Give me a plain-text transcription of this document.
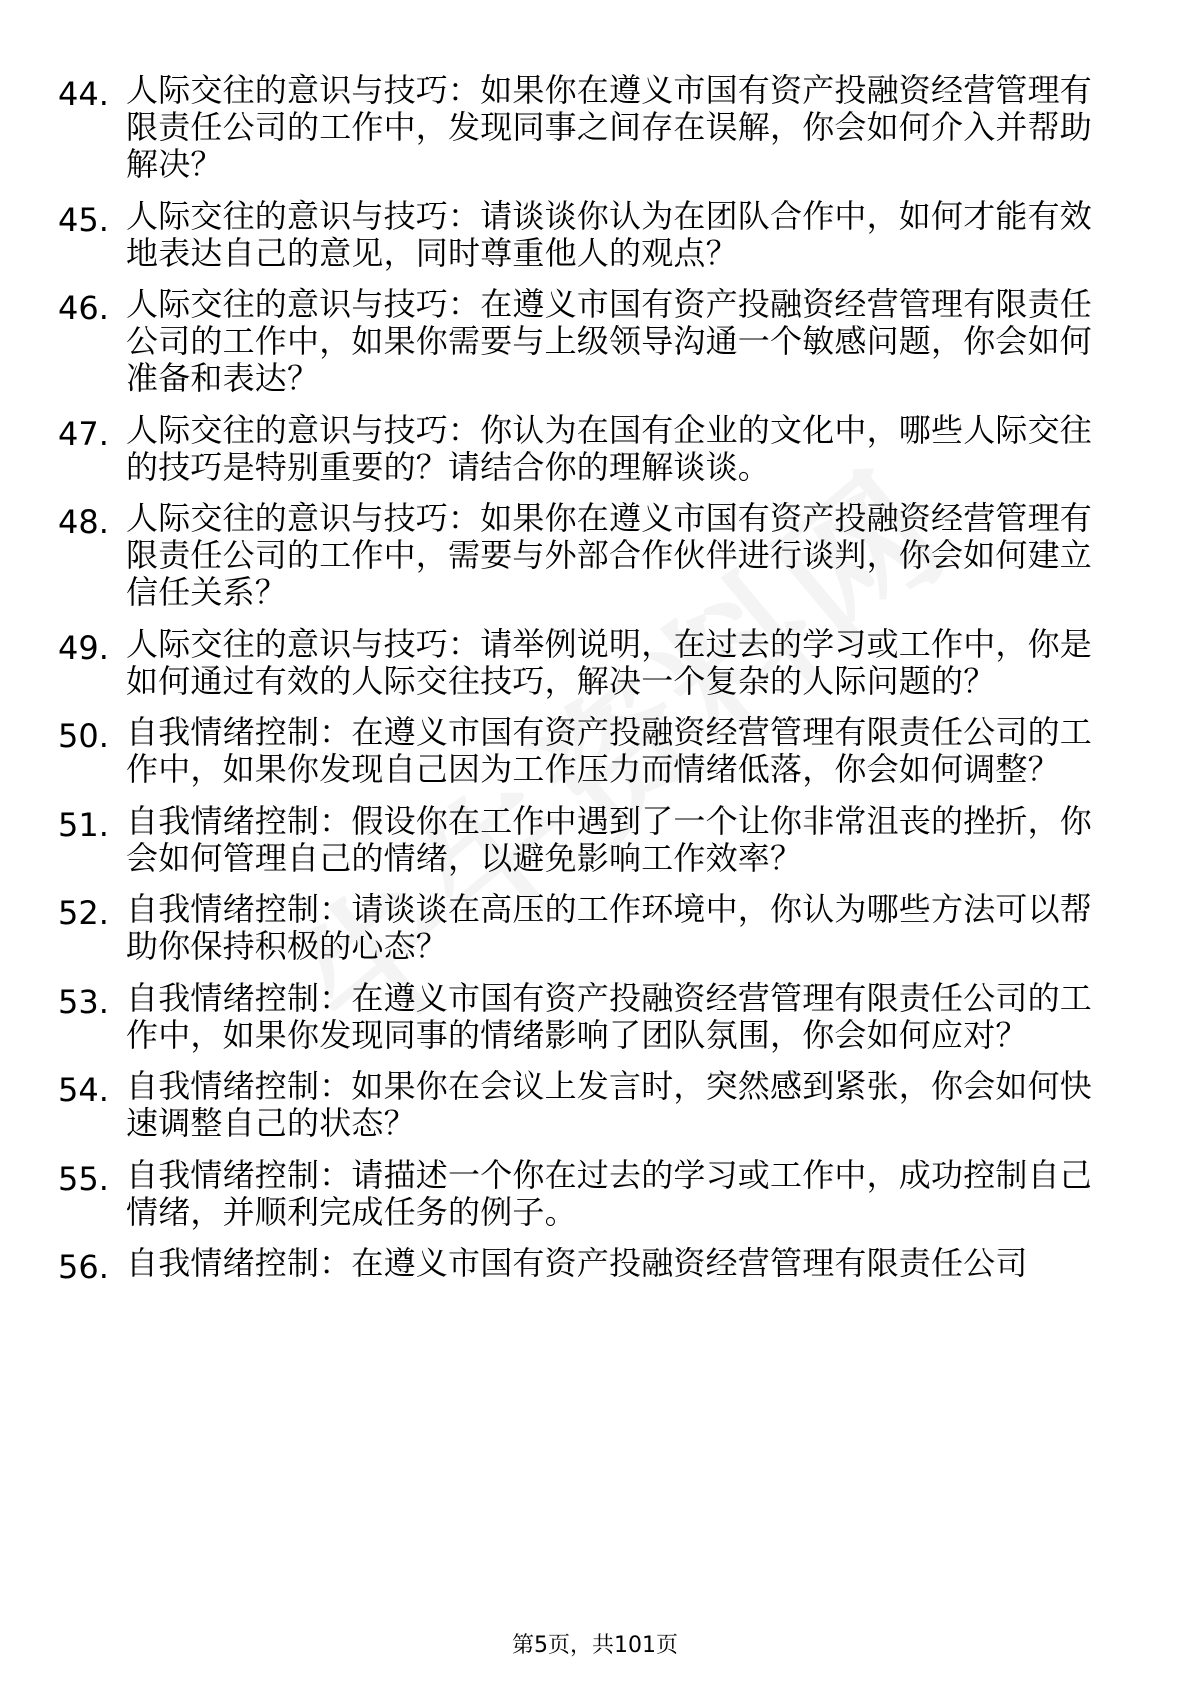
44. 人际交往的意识与技巧：如果你在遵义市国有资产投融资经营管理有限责任公司的工作中，发现同事之间存在误解，你会如何介入并帮助解决？
45. 人际交往的意识与技巧：请谈谈你认为在团队合作中，如何才能有效地表达自己的意见，同时尊重他人的观点？
46. 人际交往的意识与技巧：在遵义市国有资产投融资经营管理有限责任公司的工作中，如果你需要与上级领导沟通一个敏感问题，你会如何准备和表达？
47. 人际交往的意识与技巧：你认为在国有企业的文化中，哪些人际交往的技巧是特别重要的？请结合你的理解谈谈。
48. 人际交往的意识与技巧：如果你在遵义市国有资产投融资经营管理有限责任公司的工作中，需要与外部合作伙伴进行谈判，你会如何建立信任关系？
49. 人际交往的意识与技巧：请举例说明，在过去的学习或工作中，你是如何通过有效的人际交往技巧，解决一个复杂的人际问题的？
50. 自我情绪控制：在遵义市国有资产投融资经营管理有限责任公司的工作中，如果你发现自己因为工作压力而情绪低落，你会如何调整？
51. 自我情绪控制：假设你在工作中遇到了一个让你非常沮丧的挫折，你会如何管理自己的情绪，以避免影响工作效率？
52. 自我情绪控制：请谈谈在高压的工作环境中，你认为哪些方法可以帮助你保持积极的心态？
53. 自我情绪控制：在遵义市国有资产投融资经营管理有限责任公司的工作中，如果你发现同事的情绪影响了团队氛围，你会如何应对？
54. 自我情绪控制：如果你在会议上发言时，突然感到紧张，你会如何快速调整自己的状态？
55. 自我情绪控制：请描述一个你在过去的学习或工作中，成功控制自己情绪，并顺利完成任务的例子。
56. 自我情绪控制：在遵义市国有资产投融资经营管理有限责任公司
第5页，共101页
